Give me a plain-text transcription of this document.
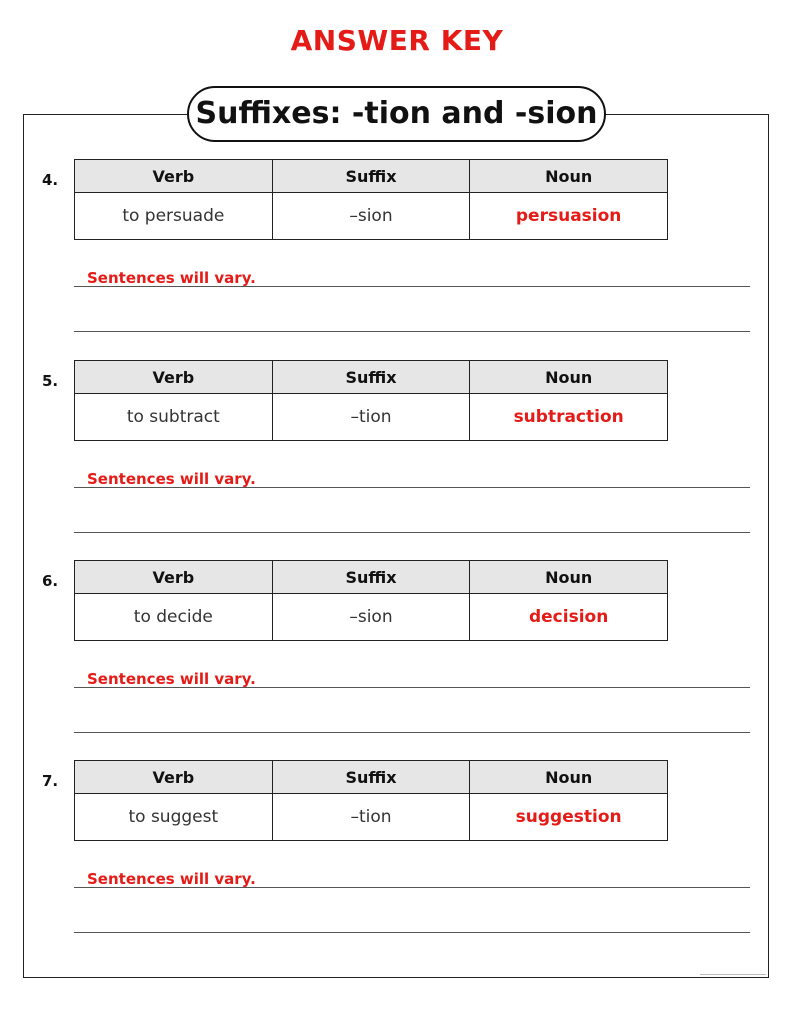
ANSWER KEY
Suffixes: -tion and -sion
4.	Verb	Suffix	Noun
to persuade	–sion	persuasion
Sentences will vary.
5.	Verb	Suffix	Noun
to subtract	–tion	subtraction
Sentences will vary.
6.	Verb	Suffix	Noun
to decide	–sion	decision
Sentences will vary.
7.	Verb	Suffix	Noun
to suggest	–tion	suggestion
Sentences will vary.
